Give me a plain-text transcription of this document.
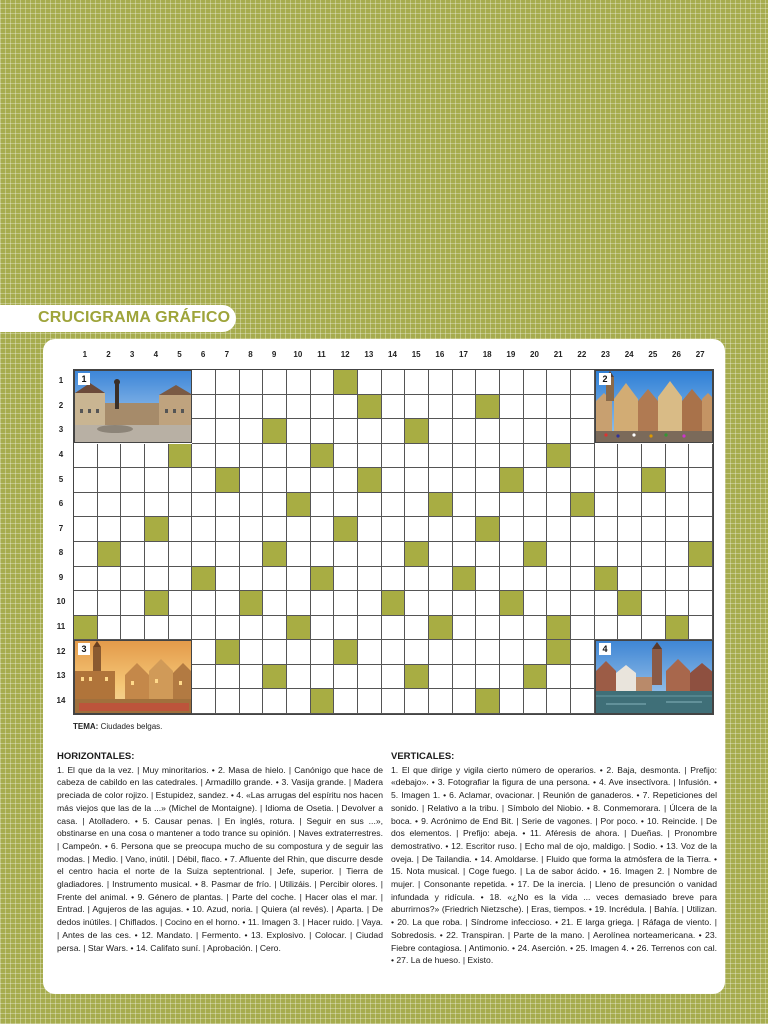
CRUCIGRAMA GRÁFICO
1	2	3	4	5	6	7	8	9	10	11	12	13	14	15	16	17	18	19	20	21	22	23	24	25	26	27
1
2
3
4
5
6
7
8
9
10
11
12
13
14
1	2
3	4
TEMA: Ciudades belgas.
HORIZONTALES:

1. El que da la vez. | Muy minoritarios. • 2. Masa de hielo. | Canónigo que hace de cabeza de cabildo en las catedrales. | Armadillo grande. • 3. Vasija grande. | Madera preciada de color rojizo. | Estupidez, sandez. • 4. «Las arrugas del espíritu nos hacen más viejos que las de la ...» (Michel de Montaigne). | Idioma de Osetia. | Devolver a casa. | Atolladero. • 5. Causar penas. | En inglés, rotura. | Seguir en sus ...», obstinarse en una cosa o mantener a todo trance su opinión. | Naves extraterrestres. | Campeón. • 6. Persona que se preocupa mucho de su compostura y de seguir las modas. | Medio. | Vano, inútil. | Débil, flaco. • 7. Afluente del Rhin, que discurre desde el centro hacia el norte de la Suiza septentrional. | Jefe, superior. | Tierra de gladiadores. | Instrumento musical. • 8. Pasmar de frío. | Utilizáis. | Percibir olores. | Frente del animal. • 9. Género de plantas. | Parte del coche. | Hacer olas el mar. | Entrad. | Agujeros de las agujas. • 10. Azud, noria. | Quiera (al revés). | Aparta. | De dedos inútiles. | Chiflados. | Cocino en el horno. • 11. Imagen 3. | Hacer ruido. | Vaya. | Antes de las ces. • 12. Mandato. | Fermento. • 13. Explosivo. | Colocar. | Ciudad persa. | Star Wars. • 14. Califato suní. | Aprobación. | Cero.

VERTICALES:

1. El que dirige y vigila cierto número de operarios. • 2. Baja, desmonta. | Prefijo: «debajo». • 3. Fotografiar la figura de una persona. • 4. Ave insectívora. | Infusión. • 5. Imagen 1. • 6. Aclamar, ovacionar. | Reunión de ganaderos. • 7. Repeticiones del sonido. | Relativo a la tribu. | Símbolo del Niobio. • 8. Conmemorara. | Úlcera de la boca. • 9. Acrónimo de End Bit. | Serie de vagones. | Por poco. • 10. Reincide. | De dos elementos. | Prefijo: abeja. • 11. Aféresis de ahora. | Dueñas. | Pronombre demostrativo. • 12. Escritor ruso. | Echo mal de ojo, maldigo. | Sodio. • 13. Voz de la oveja. | De Tailandia. • 14. Amoldarse. | Fluido que forma la atmósfera de la Tierra. • 15. Nota musical. | Coge fuego. | La de sabor ácido. • 16. Imagen 2. | Nombre de mujer. | Consonante repetida. • 17. De la inercia. | Lleno de presunción o vanidad infundada y ridícula. • 18. «¿No es la vida ... veces demasiado breve para aburrirnos?» (Friedrich Nietzsche). | Eras, tiempos. • 19. Incrédula. | Bahía. | Utilizan. • 20. La que roba. | Síndrome infeccioso. • 21. E larga griega. | Ráfaga de viento. | Sobredosis. • 22. Transpiran. | Parte de la mano. | Aerolínea norteamericana. • 23. Fiebre contagiosa. | Antimonio. • 24. Aserción. • 25. Imagen 4. • 26. Terrenos con cal. • 27. La de hueso. | Existo.
